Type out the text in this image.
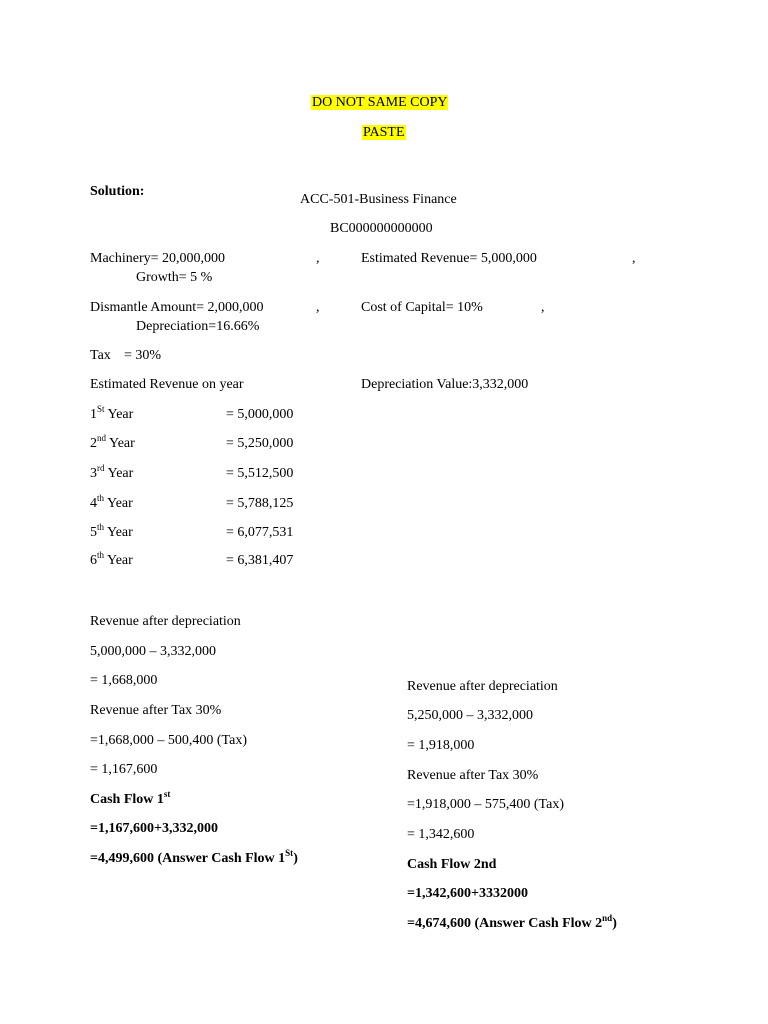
DO NOT SAME COPY
PASTE
Solution:
ACC-501-Business Finance
BC000000000000
Machinery= 20,000,000	,	Estimated Revenue= 5,000,000	,
Growth= 5 %
Dismantle Amount= 2,000,000	,	Cost of Capital= 10%	,
Depreciation=16.66%
Tax = 30%
Estimated Revenue on year	Depreciation Value:3,332,000
1St Year	= 5,000,000
2nd Year	= 5,250,000
3rd Year	= 5,512,500
4th Year	= 5,788,125
5th Year	= 6,077,531
6th Year	= 6,381,407
Revenue after depreciation
5,000,000 – 3,332,000
= 1,668,000
Revenue after Tax 30%
=1,668,000 – 500,400 (Tax)
= 1,167,600
Cash Flow 1st
=1,167,600+3,332,000
=4,499,600 (Answer Cash Flow 1St)
Revenue after depreciation
5,250,000 – 3,332,000
= 1,918,000
Revenue after Tax 30%
=1,918,000 – 575,400 (Tax)
= 1,342,600
Cash Flow 2nd
=1,342,600+3332000
=4,674,600 (Answer Cash Flow 2nd)
